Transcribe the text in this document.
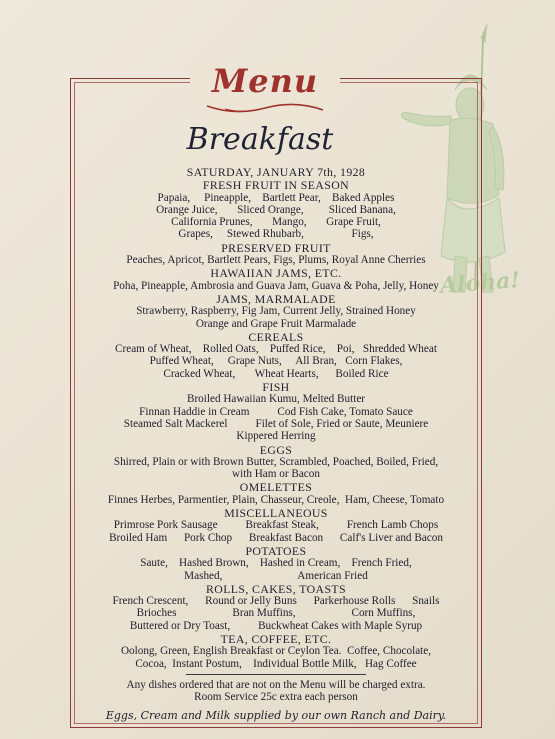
Aloha!
Menu
Breakfast
SATURDAY, JANUARY 7th, 1928
FRESH FRUIT IN SEASON
Papaia,     Pineapple,    Bartlett Pear,    Baked Apples
Orange Juice,       Sliced Orange,         Sliced Banana,
California Prunes,       Mango,       Grape Fruit,
Grapes,     Stewed Rhubarb,                 Figs,
PRESERVED FRUIT
Peaches, Apricot, Bartlett Pears, Figs, Plums, Royal Anne Cherries
HAWAIIAN JAMS, ETC.
Poha, Pineapple, Ambrosia and Guava Jam, Guava & Poha, Jelly, Honey
JAMS, MARMALADE
Strawberry, Raspberry, Fig Jam, Current Jelly, Strained Honey
Orange and Grape Fruit Marmalade
CEREALS
Cream of Wheat,    Rolled Oats,    Puffed Rice,    Poi,   Shredded Wheat
Puffed Wheat,     Grape Nuts,     All Bran,   Corn Flakes,
Cracked Wheat,       Wheat Hearts,      Boiled Rice
FISH
Broiled Hawaiian Kumu, Melted Butter
Finnan Haddie in Cream          Cod Fish Cake, Tomato Sauce
Steamed Salt Mackerel          Filet of Sole, Fried or Saute, Meuniere
Kippered Herring
EGGS
Shirred, Plain or with Brown Butter, Scrambled, Poached, Boiled, Fried,
with Ham or Bacon
OMELETTES
Finnes Herbes, Parmentier, Plain, Chasseur, Creole,  Ham, Cheese, Tomato
MISCELLANEOUS
Primrose Pork Sausage          Breakfast Steak,          French Lamb Chops
Broiled Ham      Pork Chop      Breakfast Bacon      Calf's Liver and Bacon
POTATOES
Saute,    Hashed Brown,    Hashed in Cream,    French Fried,
Mashed,                           American Fried
ROLLS, CAKES, TOASTS
French Crescent,      Round or Jelly Buns      Parkerhouse Rolls      Snails
Brioches                    Bran Muffins,                    Corn Muffins,
Buttered or Dry Toast,          Buckwheat Cakes with Maple Syrup
TEA, COFFEE, ETC.
Oolong, Green, English Breakfast or Ceylon Tea.  Coffee, Chocolate,
Cocoa,  Instant Postum,    Individual Bottle Milk,   Hag Coffee
Any dishes ordered that are not on the Menu will be charged extra.
Room Service 25c extra each person
Eggs, Cream and Milk supplied by our own Ranch and Dairy.
